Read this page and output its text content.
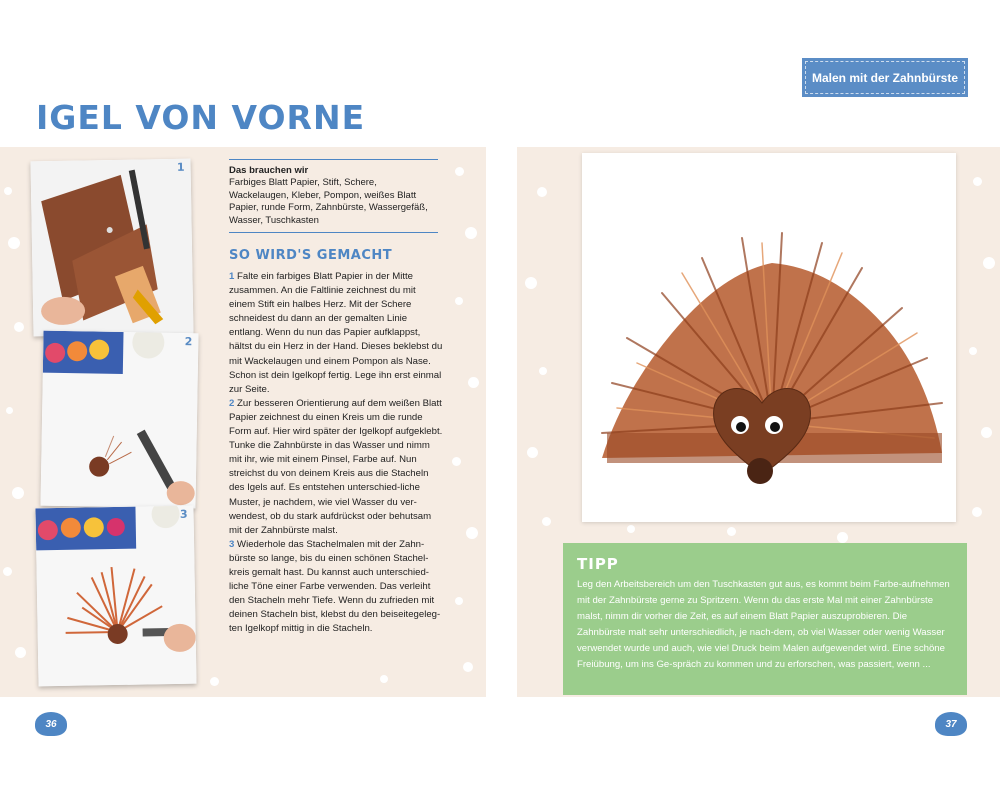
IGEL VON VORNE
1
2
3
Das brauchen wir
Farbiges Blatt Papier, Stift, Schere, Wackelaugen, Kleber, Pompon, weißes Blatt Papier, runde Form, Zahnbürste, Wassergefäß, Wasser, Tuschkasten
SO WIRD'S GEMACHT

1 Falte ein farbiges Blatt Papier in der Mitte zusammen. An die Faltlinie zeichnest du mit einem Stift ein halbes Herz. Mit der Schere schneidest du dann an der gemalten Linie entlang. Wenn du nun das Papier aufklappst, hältst du ein Herz in der Hand. Dieses beklebst du mit Wackelaugen und einem Pompon als Nase. Schon ist dein Igelkopf fertig. Lege ihn erst einmal zur Seite.

2 Zur besseren Orientierung auf dem weißen Blatt Papier zeichnest du einen Kreis um die runde Form auf. Hier wird später der Igelkopf aufgeklebt. Tunke die Zahnbürste in das Wasser und nimm mit ihr, wie mit einem Pinsel, Farbe auf. Nun streichst du von deinem Kreis aus die Stacheln des Igels auf. Es entstehen unterschied-liche Muster, je nachdem, wie viel Wasser du ver-wendest, ob du stark aufdrückst oder behutsam mit der Zahnbürste malst.

3 Wiederhole das Stachelmalen mit der Zahn-bürste so lange, bis du einen schönen Stachel-kreis gemalt hast. Du kannst auch unterschied-liche Töne einer Farbe verwenden. Das verleiht den Stacheln mehr Tiefe. Wenn du zufrieden mit deinen Stacheln bist, klebst du den beiseitegeleg-ten Igelkopf mittig in die Stacheln.

36
Malen mit der Zahnbürste
TIPP
Leg den Arbeitsbereich um den Tuschkasten gut aus, es kommt beim Farbe-aufnehmen mit der Zahnbürste gerne zu Spritzern. Wenn du das erste Mal mit einer Zahnbürste malst, nimm dir vorher die Zeit, es auf einem Blatt Papier auszuprobieren. Die Zahnbürste malt sehr unterschiedlich, je nach-dem, ob viel Wasser oder wenig Wasser verwendet wurde und auch, wie viel Druck beim Malen aufgewendet wird. Eine schöne Freiübung, um ins Ge-spräch zu kommen und zu erforschen, was passiert, wenn ...
37
